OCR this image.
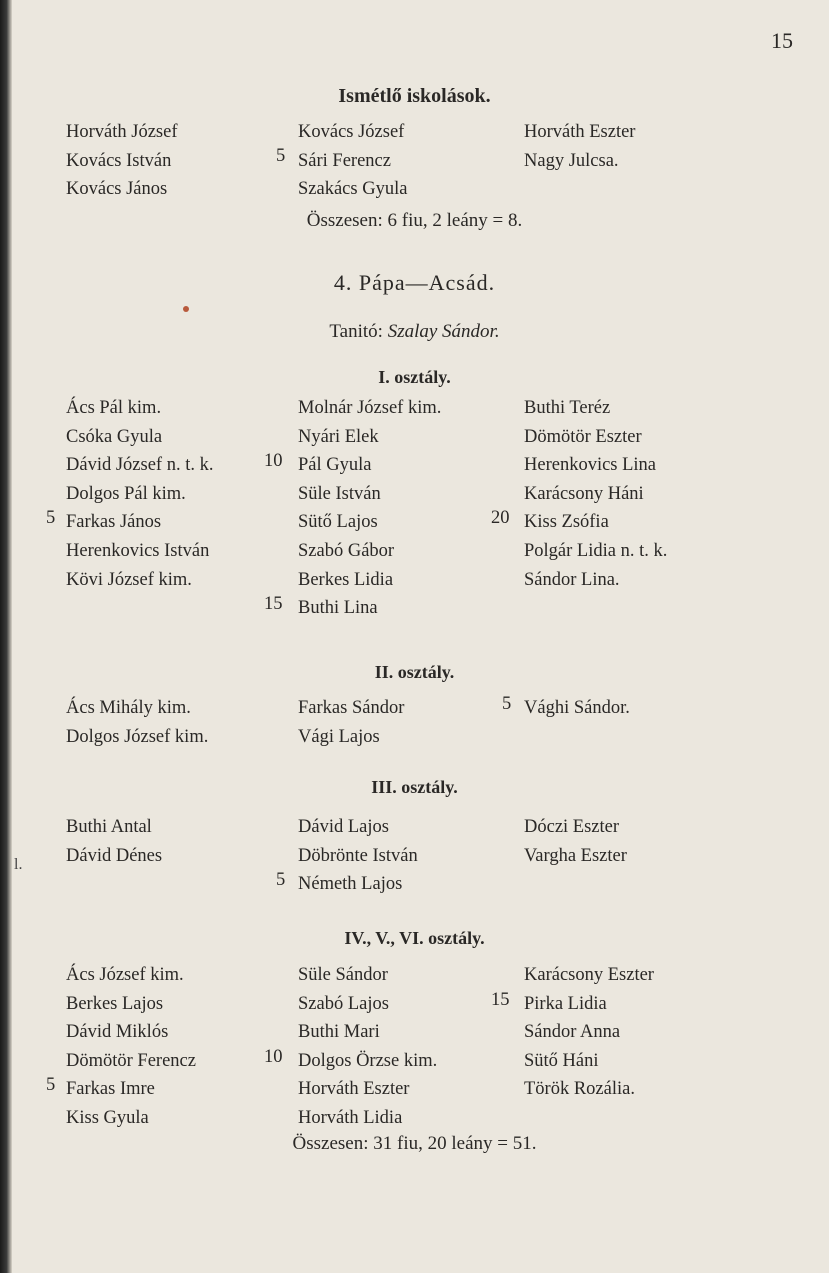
l.
15
Ismétlő iskolások.
Horváth József
Kovács István
Kovács János
5
Kovács József
Sári Ferencz
Szakács Gyula
Horváth Eszter
Nagy Julcsa.
Összesen: 6 fiu, 2 leány = 8.
4. Pápa—Acsád.
Tanitó: Szalay Sándor.
I. osztály.
Ács Pál kim.
Csóka Gyula
Dávid József n. t. k.
Dolgos Pál kim.
Farkas János
Herenkovics István
Kövi József kim.
5
Molnár József kim.
Nyári Elek
Pál Gyula
Süle István
Sütő Lajos
Szabó Gábor
Berkes Lidia
Buthi Lina
10
15
Buthi Teréz
Dömötör Eszter
Herenkovics Lina
Karácsony Háni
Kiss Zsófia
Polgár Lidia n. t. k.
Sándor Lina.
20
II. osztály.
Ács Mihály kim.
Dolgos József kim.
Farkas Sándor
Vági Lajos
5 Vághi Sándor.
III. osztály.
Buthi Antal
Dávid Dénes
Dávid Lajos
Döbrönte István
Németh Lajos
5
Dóczi Eszter
Vargha Eszter
IV., V., VI. osztály.
Ács József kim.
Berkes Lajos
Dávid Miklós
Dömötör Ferencz
Farkas Imre
Kiss Gyula
5
Süle Sándor
Szabó Lajos
Buthi Mari
Dolgos Örzse kim.
Horváth Eszter
Horváth Lidia
10
Karácsony Eszter
Pirka Lidia
Sándor Anna
Sütő Háni
Török Rozália.
15
Összesen: 31 fiu, 20 leány = 51.
